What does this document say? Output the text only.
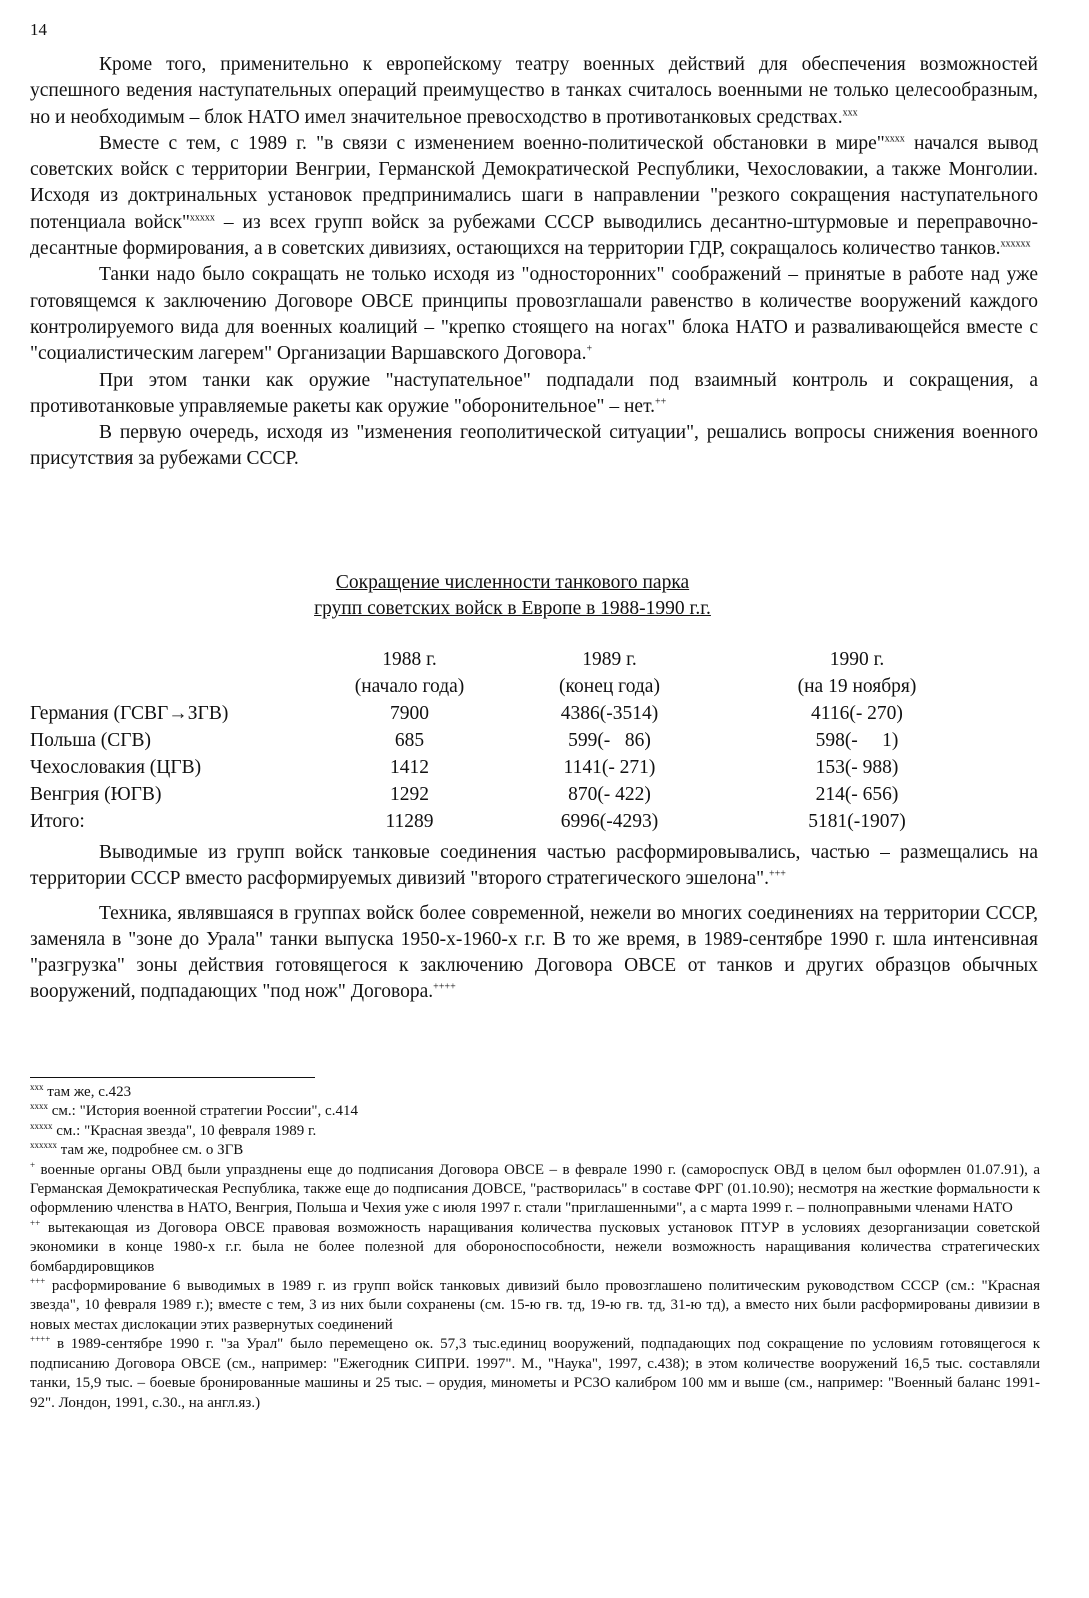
14

Кроме того, применительно к европейскому театру военных действий для обеспечения возможностей успешного ведения наступательных операций преимущество в танках считалось военными не только целесообразным, но и необходимым – блок НАТО имел значительное превосходство в противотанковых средствах.$^{xxx}$

Вместе с тем, с 1989 г. "в связи с изменением военно-политической обстановки в мире"$^{xxxx}$ начался вывод советских войск с территории Венгрии, Германской Демократической Республики, Чехословакии, а также Монголии. Исходя из доктринальных установок предпринимались шаги в направлении "резкого сокращения наступательного потенциала войск"$^{xxxxx}$ – из всех групп войск за рубежами СССР выводились десантно-штурмовые и переправочно-десантные формирования, а в советских дивизиях, остающихся на территории ГДР, сокращалось количество танков.$^{xxxxxx}$

Танки надо было сокращать не только исходя из "односторонних" соображений – принятые в работе над уже готовящемся к заключению Договоре ОВСЕ принципы провозглашали равенство в количестве вооружений каждого контролируемого вида для военных коалиций – "крепко стоящего на ногах" блока НАТО и разваливающейся вместе с "социалистическим лагерем" Организации Варшавского Договора.+

При этом танки как оружие "наступательное" подпадали под взаимный контроль и сокращения, а противотанковые управляемые ракеты как оружие "оборонительное" – нет.++

В первую очередь, исходя из "изменения геополитической ситуации", решались вопросы снижения военного присутствия за рубежами СССР.

Сокращение численности танкового парка
групп советских войск в Европе в 1988-1990 г.г.
	1988 г.	1989 г.	1990 г.
	(начало года)	(конец года)	(на 19 ноября)
Германия (ГСВГ→ЗГВ)	7900	4386(-3514)	4116(- 270)
Польша (СГВ)	685	599(-   86)	598(-     1)
Чехословакия (ЦГВ)	1412	1141(- 271)	153(- 988)
Венгрия (ЮГВ)	1292	870(- 422)	214(- 656)
Итого:	11289	6996(-4293)	5181(-1907)

Выводимые из групп войск танковые соединения частью расформировывались, частью – размещались на территории СССР вместо расформируемых дивизий "второго стратегического эшелона".+++

Техника, являвшаяся в группах войск более современной, нежели во многих соединениях на территории СССР, заменяла в "зоне до Урала" танки выпуска 1950-х-1960-х г.г. В то же время, в 1989-сентябре 1990 г. шла интенсивная "разгрузка" зоны действия готовящегося к заключению Договора ОВСЕ от танков и других образцов обычных вооружений, подпадающих "под нож" Договора.++++

$^{xxx}$ там же, с.423

$^{xxxx}$ см.: "История военной стратегии России", с.414

$^{xxxxx}$ см.: "Красная звезда", 10 февраля 1989 г.

$^{xxxxxx}$ там же, подробнее см. о ЗГВ

+ военные органы ОВД были упразднены еще до подписания Договора ОВСЕ – в феврале 1990 г. (самороспуск ОВД в целом был оформлен 01.07.91), а Германская Демократическая Республика, также еще до подписания ДОВСЕ, "растворилась" в составе ФРГ (01.10.90); несмотря на жесткие формальности к оформлению членства в НАТО, Венгрия, Польша и Чехия уже с июля 1997 г. стали "приглашенными", а с марта 1999 г. – полноправными членами НАТО

++ вытекающая из Договора ОВСЕ правовая возможность наращивания количества пусковых установок ПТУР в условиях дезорганизации советской экономики в конце 1980-х г.г. была не более полезной для обороноспособности, нежели возможность наращивания количества стратегических бомбардировщиков

+++ расформирование 6 выводимых в 1989 г. из групп войск танковых дивизий было провозглашено политическим руководством СССР (см.: "Красная звезда", 10 февраля 1989 г.); вместе с тем, 3 из них были сохранены (см. 15-ю гв. тд, 19-ю гв. тд, 31-ю тд), а вместо них были расформированы дивизии в новых местах дислокации этих развернутых соединений

++++ в 1989-сентябре 1990 г. "за Урал" было перемещено ок. 57,3 тыс.единиц вооружений, подпадающих под сокращение по условиям готовящегося к подписанию Договора ОВСЕ (см., например: "Ежегодник СИПРИ. 1997". М., "Наука", 1997, с.438); в этом количестве вооружений 16,5 тыс. составляли танки, 15,9 тыс. – боевые бронированные машины и 25 тыс. – орудия, минометы и РСЗО калибром 100 мм и выше (см., например: "Военный баланс 1991-92". Лондон, 1991, с.30., на англ.яз.)
